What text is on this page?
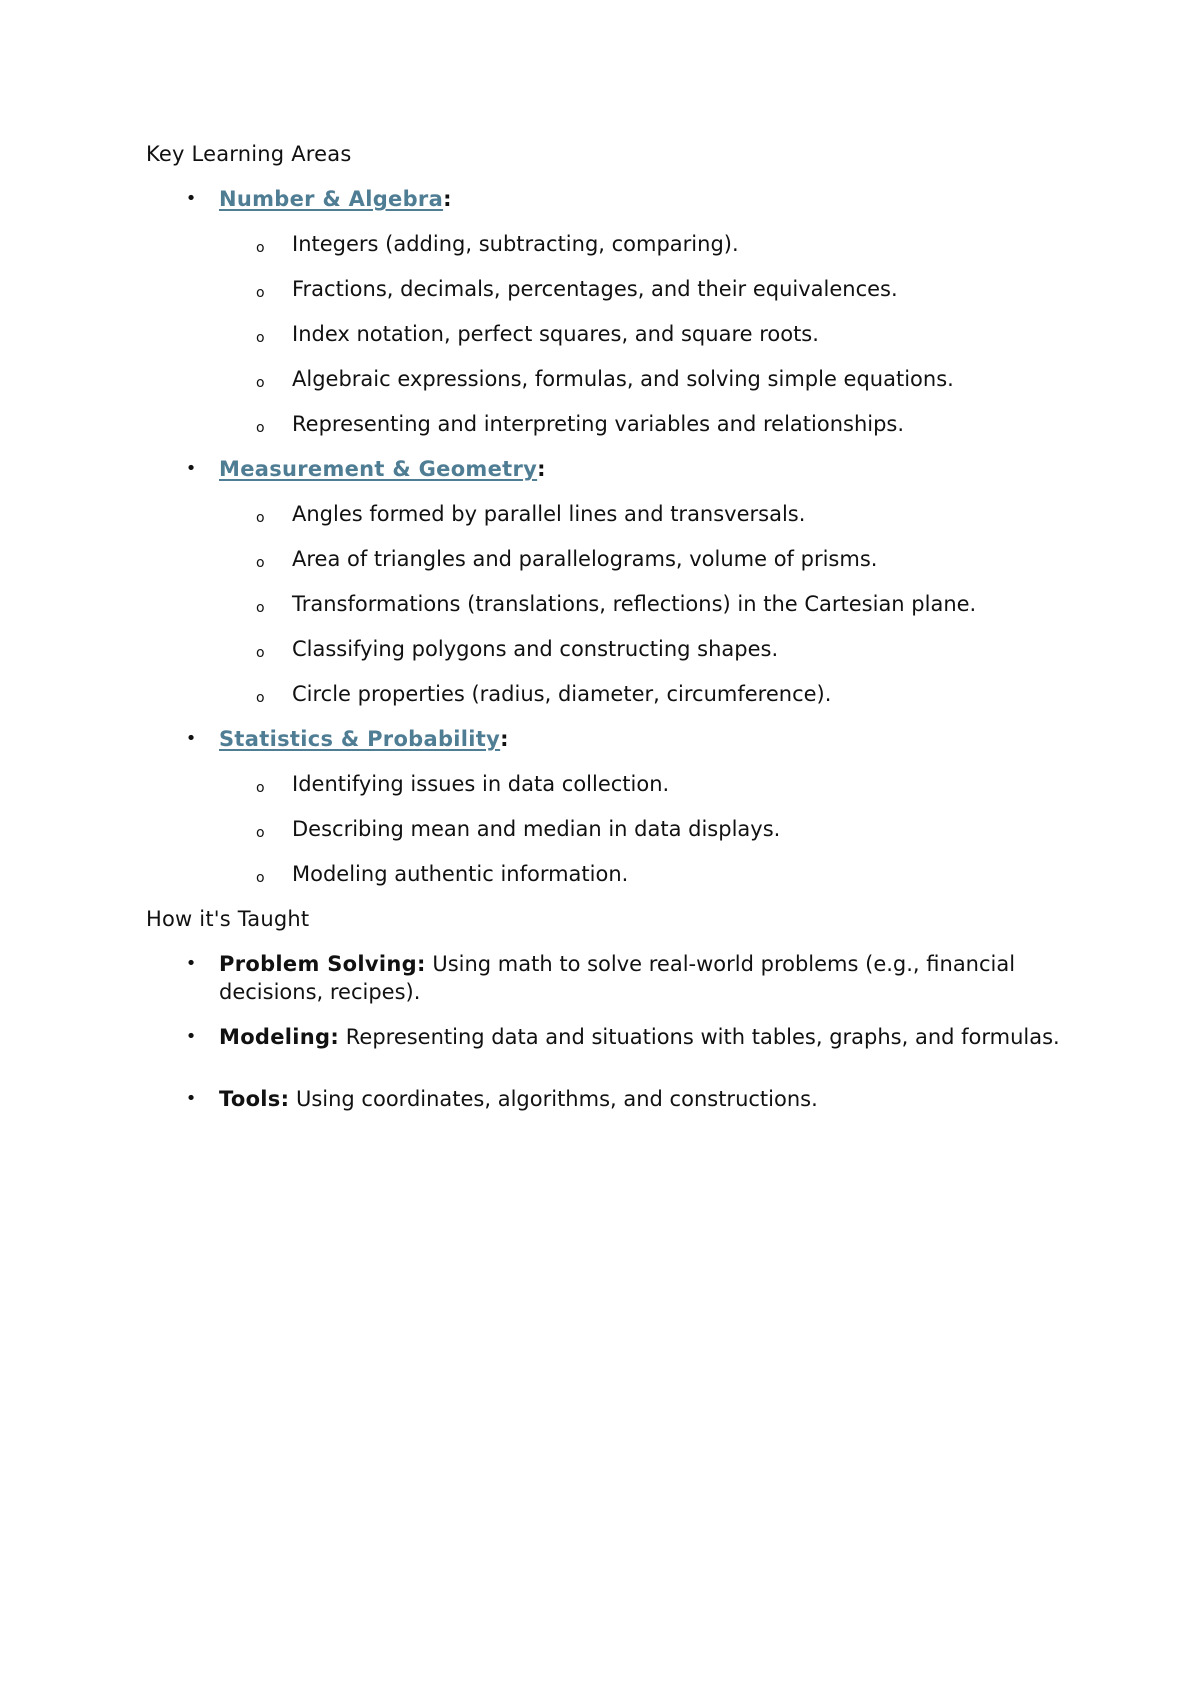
Key Learning Areas
• Number & Algebra:
o	Integers (adding, subtracting, comparing).
o	Fractions, decimals, percentages, and their equivalences.
o	Index notation, perfect squares, and square roots.
o	Algebraic expressions, formulas, and solving simple equations.
o	Representing and interpreting variables and relationships.
• Measurement & Geometry:
o	Angles formed by parallel lines and transversals.
o	Area of triangles and parallelograms, volume of prisms.
o	Transformations (translations, reflections) in the Cartesian plane.
o	Classifying polygons and constructing shapes.
o	Circle properties (radius, diameter, circumference).
• Statistics & Probability:
o	Identifying issues in data collection.
o	Describing mean and median in data displays.
o	Modeling authentic information.
How it's Taught
• Problem Solving: Using math to solve real-world problems (e.g., financial decisions, recipes).
• Modeling: Representing data and situations with tables, graphs, and formulas.
• Tools: Using coordinates, algorithms, and constructions.
